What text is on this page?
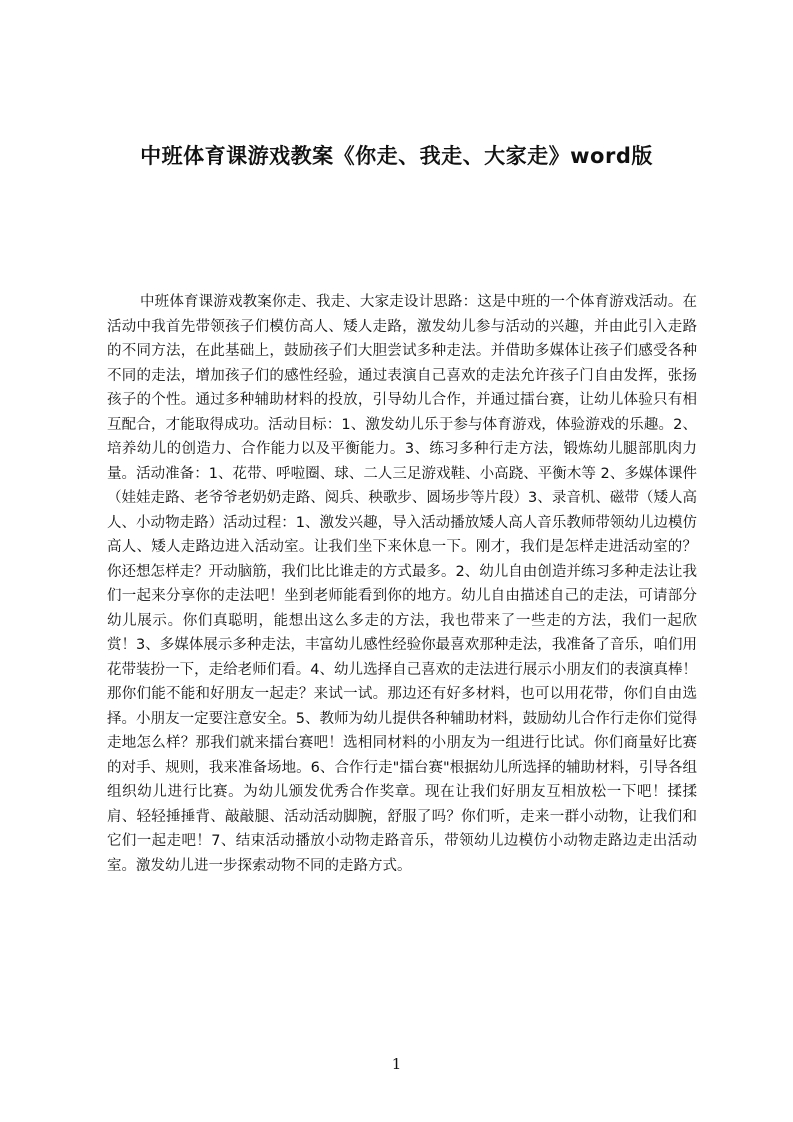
中班体育课游戏教案《你走、我走、大家走》word版

中班体育课游戏教案你走、我走、大家走设计思路：这是中班的一个体育游戏活动。在活动中我首先带领孩子们模仿高人、矮人走路，激发幼儿参与活动的兴趣，并由此引入走路的不同方法，在此基础上，鼓励孩子们大胆尝试多种走法。并借助多媒体让孩子们感受各种不同的走法，增加孩子们的感性经验，通过表演自己喜欢的走法允许孩子门自由发挥，张扬孩子的个性。通过多种辅助材料的投放，引导幼儿合作，并通过擂台赛，让幼儿体验只有相互配合，才能取得成功。活动目标：1、激发幼儿乐于参与体育游戏，体验游戏的乐趣。2、培养幼儿的创造力、合作能力以及平衡能力。3、练习多种行走方法，锻炼幼儿腿部肌肉力量。活动准备：1、花带、呼啦圈、球、二人三足游戏鞋、小高跷、平衡木等 2、多媒体课件（娃娃走路、老爷爷老奶奶走路、阅兵、秧歌步、圆场步等片段）3、录音机、磁带（矮人高人、小动物走路）活动过程：1、激发兴趣，导入活动播放矮人高人音乐教师带领幼儿边模仿高人、矮人走路边进入活动室。让我们坐下来休息一下。刚才，我们是怎样走进活动室的？你还想怎样走？开动脑筋，我们比比谁走的方式最多。2、幼儿自由创造并练习多种走法让我们一起来分享你的走法吧！坐到老师能看到你的地方。幼儿自由描述自己的走法，可请部分幼儿展示。你们真聪明，能想出这么多走的方法，我也带来了一些走的方法，我们一起欣赏！3、多媒体展示多种走法，丰富幼儿感性经验你最喜欢那种走法，我准备了音乐，咱们用花带装扮一下，走给老师们看。4、幼儿选择自己喜欢的走法进行展示小朋友们的表演真棒！那你们能不能和好朋友一起走？来试一试。那边还有好多材料，也可以用花带，你们自由选择。小朋友一定要注意安全。5、教师为幼儿提供各种辅助材料，鼓励幼儿合作行走你们觉得走地怎么样？那我们就来擂台赛吧！选相同材料的小朋友为一组进行比试。你们商量好比赛的对手、规则，我来准备场地。6、合作行走"擂台赛"根据幼儿所选择的辅助材料，引导各组组织幼儿进行比赛。为幼儿颁发优秀合作奖章。现在让我们好朋友互相放松一下吧！揉揉肩、轻轻捶捶背、敲敲腿、活动活动脚腕，舒服了吗？你们听，走来一群小动物，让我们和它们一起走吧！7、结束活动播放小动物走路音乐，带领幼儿边模仿小动物走路边走出活动室。激发幼儿进一步探索动物不同的走路方式。

1
